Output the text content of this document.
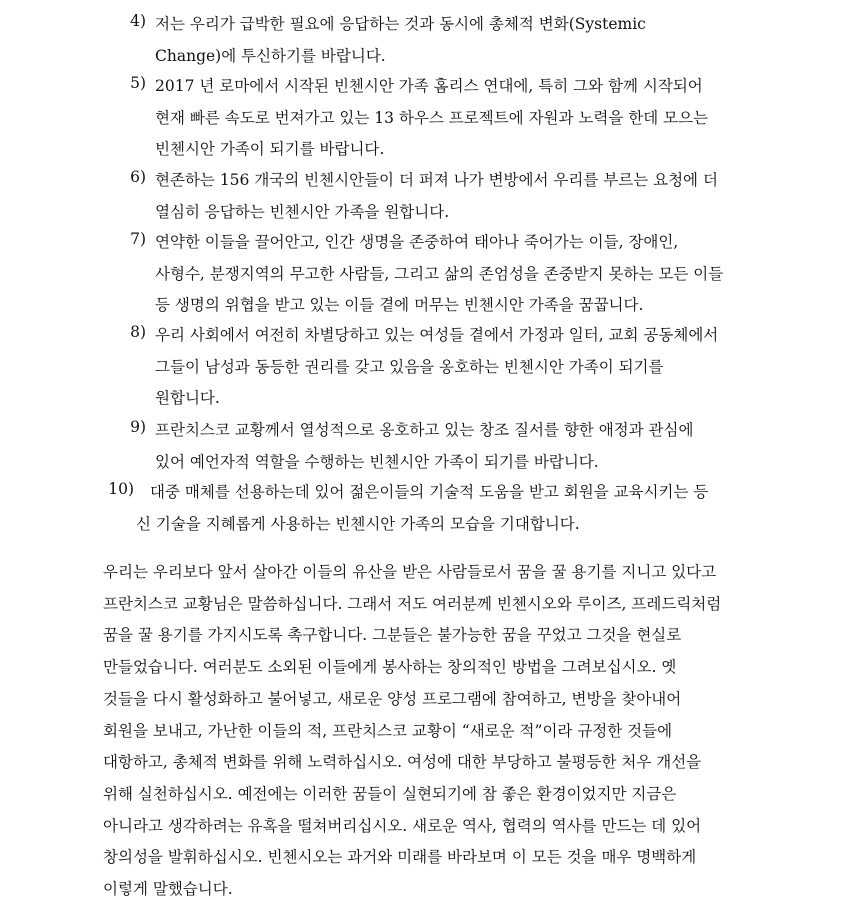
4) 저는 우리가 급박한 필요에 응답하는 것과 동시에 총체적 변화(Systemic
Change)에 투신하기를 바랍니다.
5) 2017 년 로마에서 시작된 빈첸시안 가족 홈리스 연대에, 특히 그와 함께 시작되어
현재 빠른 속도로 번져가고 있는 13 하우스 프로젝트에 자원과 노력을 한데 모으는
빈첸시안 가족이 되기를 바랍니다.
6) 현존하는 156 개국의 빈첸시안들이 더 퍼져 나가 변방에서 우리를 부르는 요청에 더
열심히 응답하는 빈첸시안 가족을 원합니다.
7) 연약한 이들을 끌어안고, 인간 생명을 존중하여 태아나 죽어가는 이들, 장애인,
사형수, 분쟁지역의 무고한 사람들, 그리고 삶의 존엄성을 존중받지 못하는 모든 이들
등 생명의 위협을 받고 있는 이들 곁에 머무는 빈첸시안 가족을 꿈꿉니다.
8) 우리 사회에서 여전히 차별당하고 있는 여성들 곁에서 가정과 일터, 교회 공동체에서
그들이 남성과 동등한 권리를 갖고 있음을 옹호하는 빈첸시안 가족이 되기를
원합니다.
9) 프란치스코 교황께서 열성적으로 옹호하고 있는 창조 질서를 향한 애정과 관심에
있어 예언자적 역할을 수행하는 빈첸시안 가족이 되기를 바랍니다.
10) 대중 매체를 선용하는데 있어 젊은이들의 기술적 도움을 받고 회원을 교육시키는 등
신 기술을 지혜롭게 사용하는 빈첸시안 가족의 모습을 기대합니다.
우리는 우리보다 앞서 살아간 이들의 유산을 받은 사람들로서 꿈을 꿀 용기를 지니고 있다고
프란치스코 교황님은 말씀하십니다. 그래서 저도 여러분께 빈첸시오와 루이즈, 프레드릭처럼
꿈을 꿀 용기를 가지시도록 촉구합니다. 그분들은 불가능한 꿈을 꾸었고 그것을 현실로
만들었습니다. 여러분도 소외된 이들에게 봉사하는 창의적인 방법을 그려보십시오. 옛
것들을 다시 활성화하고 불어넣고, 새로운 양성 프로그램에 참여하고, 변방을 찾아내어
회원을 보내고, 가난한 이들의 적, 프란치스코 교황이 “새로운 적”이라 규정한 것들에
대항하고, 총체적 변화를 위해 노력하십시오. 여성에 대한 부당하고 불평등한 처우 개선을
위해 실천하십시오. 예전에는 이러한 꿈들이 실현되기에 참 좋은 환경이었지만 지금은
아니라고 생각하려는 유혹을 떨쳐버리십시오. 새로운 역사, 협력의 역사를 만드는 데 있어
창의성을 발휘하십시오. 빈첸시오는 과거와 미래를 바라보며 이 모든 것을 매우 명백하게
이렇게 말했습니다.
